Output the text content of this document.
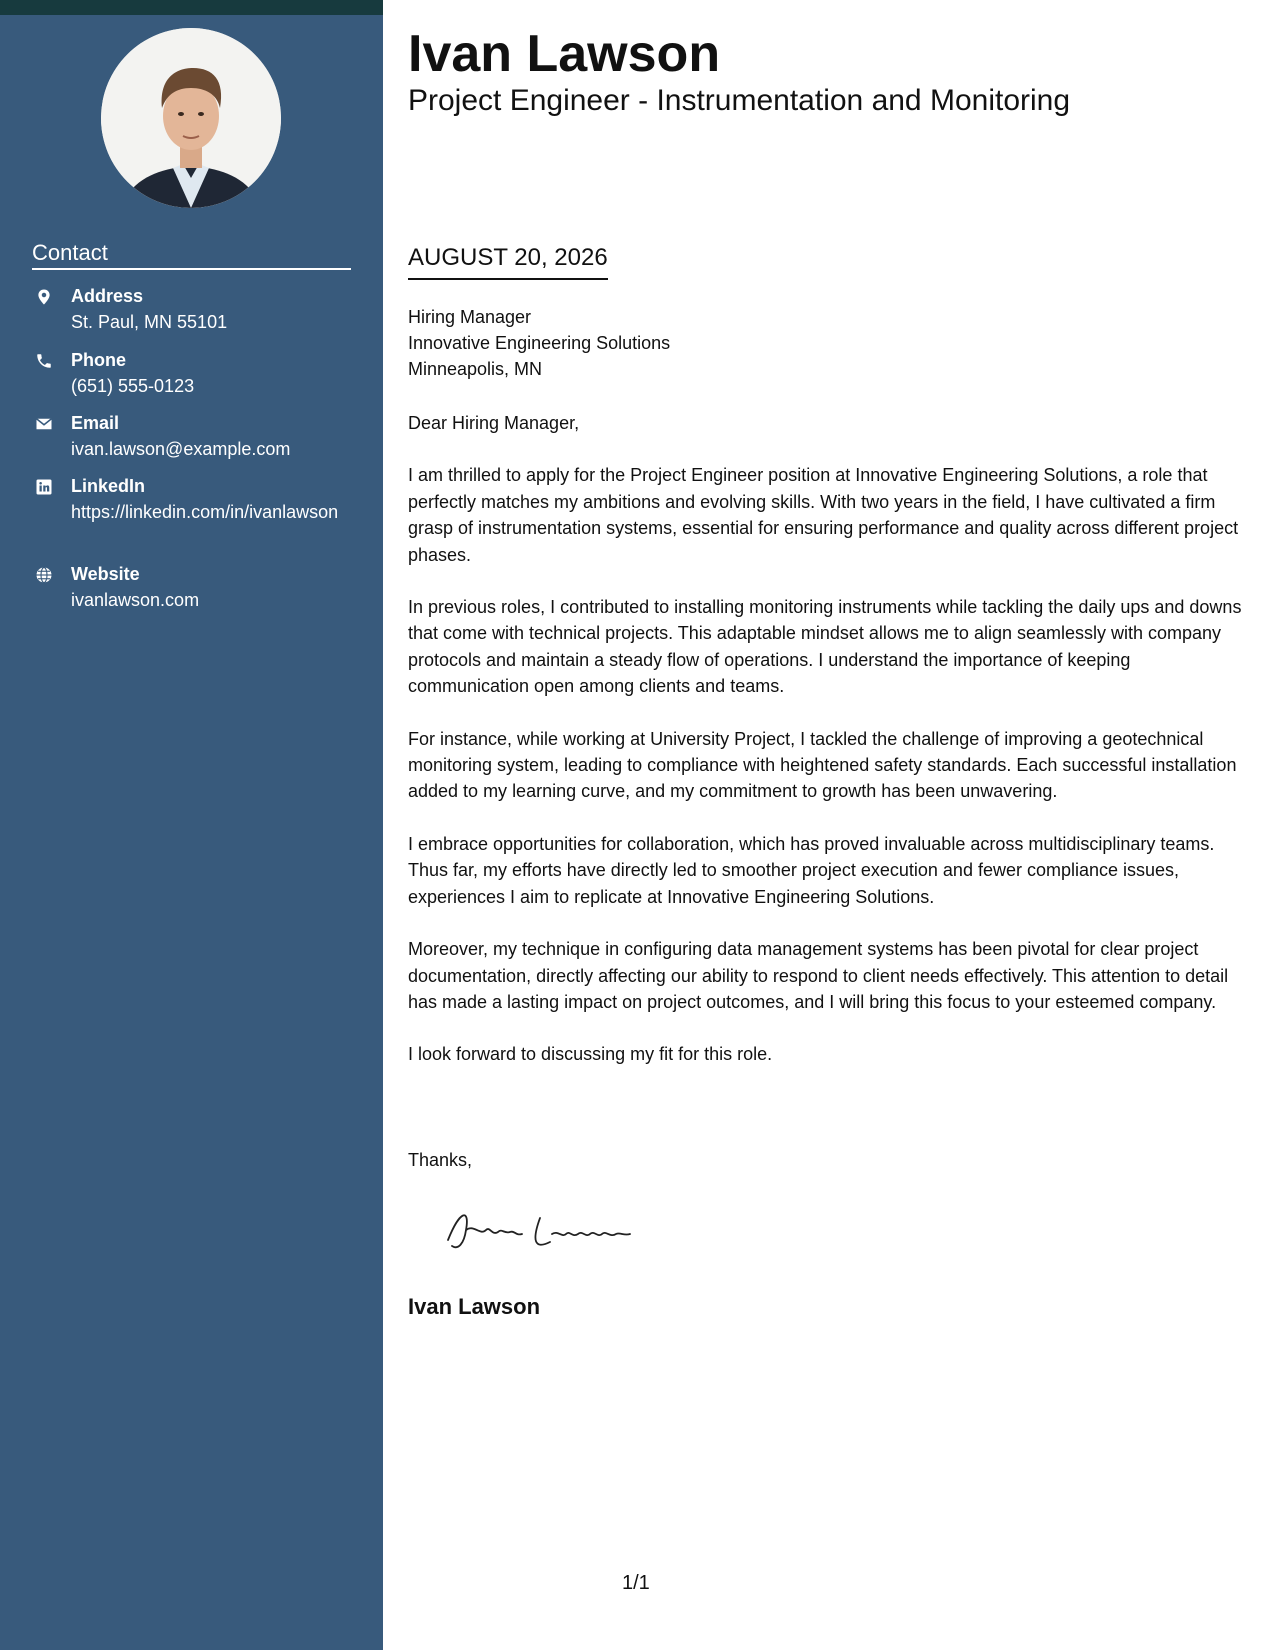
Contact
Address
St. Paul, MN 55101
Phone
(651) 555-0123
Email
ivan.lawson@example.com
LinkedIn
https://linkedin.com/in/ivanlawson
Website
ivanlawson.com
Ivan Lawson
Project Engineer - Instrumentation and Monitoring
AUGUST 20, 2026
Hiring Manager
Innovative Engineering Solutions
Minneapolis, MN

Dear Hiring Manager,

I am thrilled to apply for the Project Engineer position at Innovative Engineering Solutions, a role that perfectly matches my ambitions and evolving skills. With two years in the field, I have cultivated a firm grasp of instrumentation systems, essential for ensuring performance and quality across different project phases.

In previous roles, I contributed to installing monitoring instruments while tackling the daily ups and downs that come with technical projects. This adaptable mindset allows me to align seamlessly with company protocols and maintain a steady flow of operations. I understand the importance of keeping communication open among clients and teams.

For instance, while working at University Project, I tackled the challenge of improving a geotechnical monitoring system, leading to compliance with heightened safety standards. Each successful installation added to my learning curve, and my commitment to growth has been unwavering.

I embrace opportunities for collaboration, which has proved invaluable across multidisciplinary teams. Thus far, my efforts have directly led to smoother project execution and fewer compliance issues, experiences I aim to replicate at Innovative Engineering Solutions.

Moreover, my technique in configuring data management systems has been pivotal for clear project documentation, directly affecting our ability to respond to client needs effectively. This attention to detail has made a lasting impact on project outcomes, and I will bring this focus to your esteemed company.

I look forward to discussing my fit for this role.

Thanks,
Ivan Lawson
1/1
